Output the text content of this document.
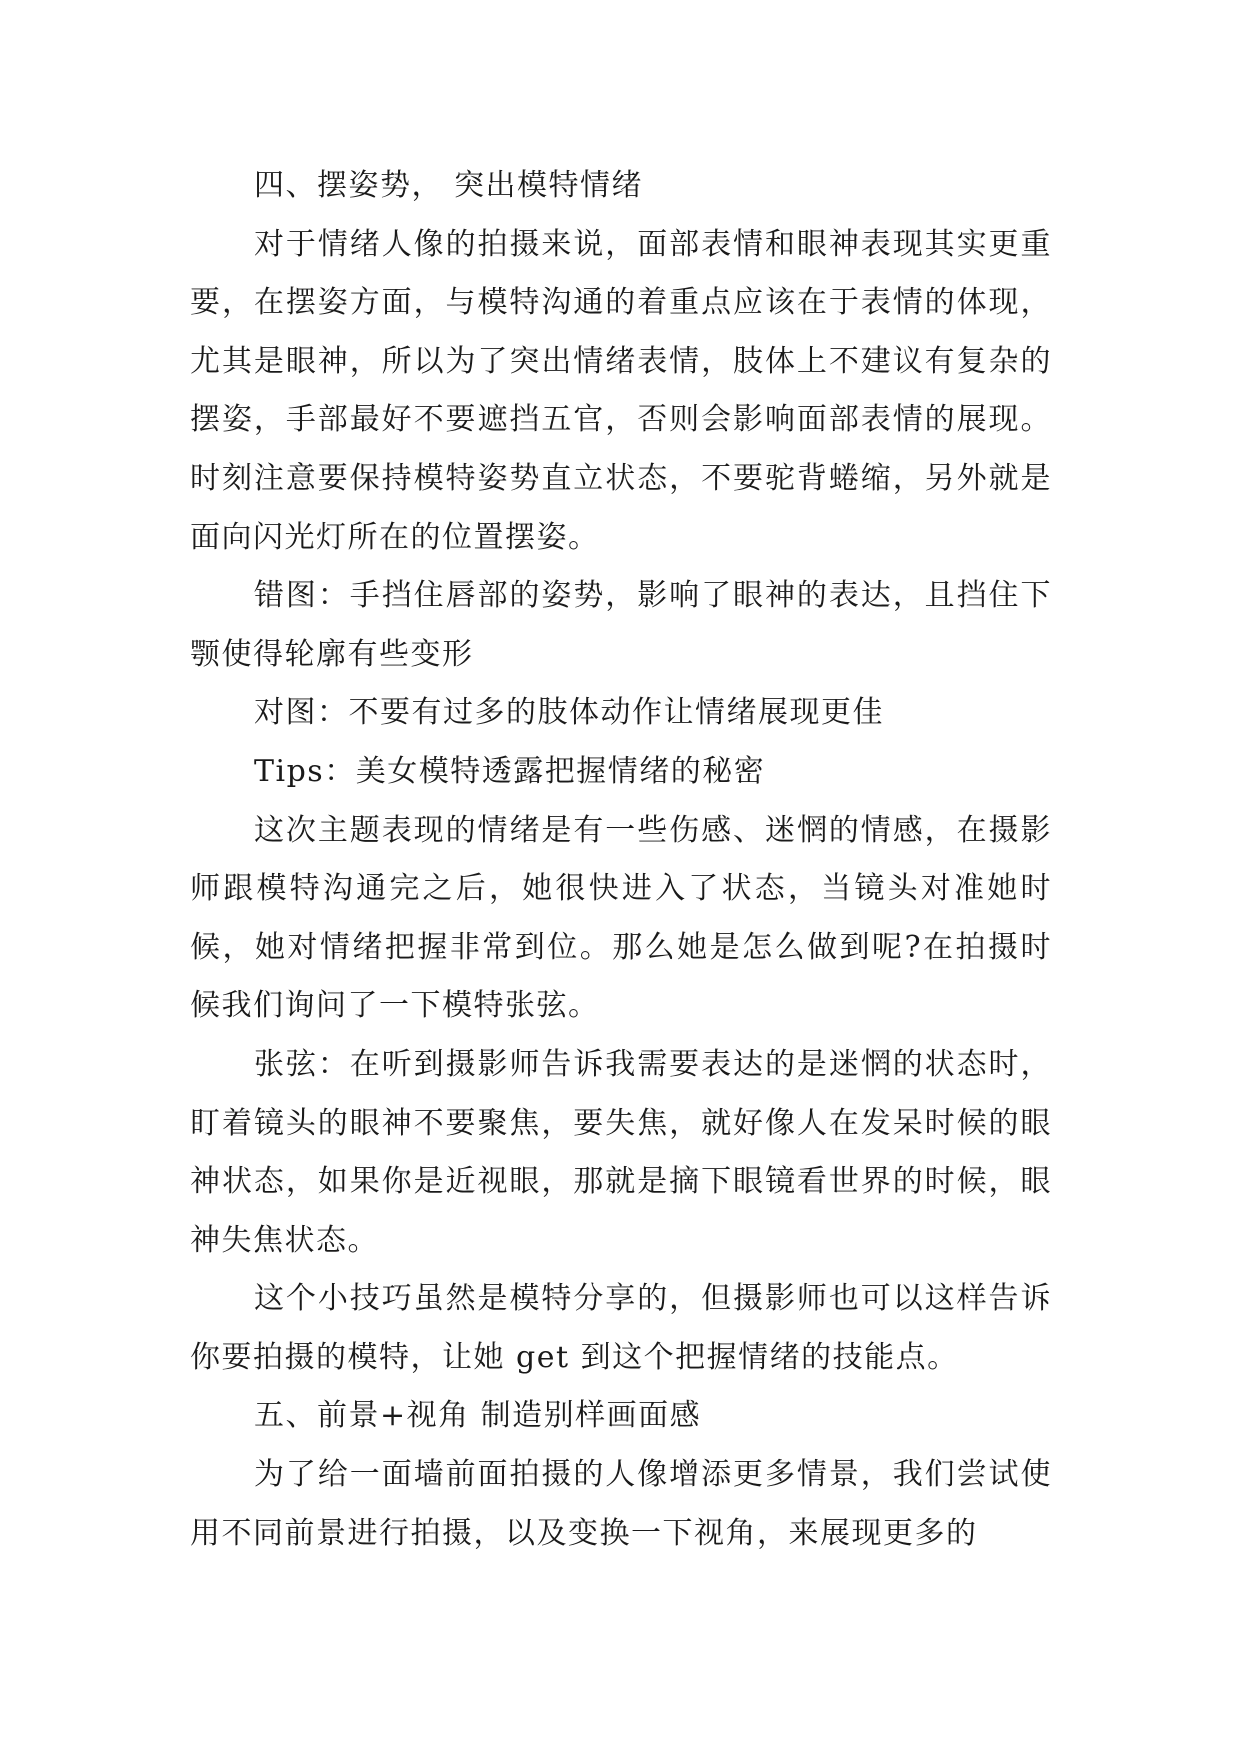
四、摆姿势， 突出模特情绪

对于情绪人像的拍摄来说，面部表情和眼神表现其实更重要，在摆姿方面，与模特沟通的着重点应该在于表情的体现，尤其是眼神，所以为了突出情绪表情，肢体上不建议有复杂的摆姿，手部最好不要遮挡五官，否则会影响面部表情的展现。时刻注意要保持模特姿势直立状态，不要驼背蜷缩，另外就是面向闪光灯所在的位置摆姿。

错图：手挡住唇部的姿势，影响了眼神的表达，且挡住下颚使得轮廓有些变形

对图：不要有过多的肢体动作让情绪展现更佳

Tips：美女模特透露把握情绪的秘密

这次主题表现的情绪是有一些伤感、迷惘的情感，在摄影师跟模特沟通完之后，她很快进入了状态，当镜头对准她时候，她对情绪把握非常到位。那么她是怎么做到呢?在拍摄时候我们询问了一下模特张弦。

张弦：在听到摄影师告诉我需要表达的是迷惘的状态时，盯着镜头的眼神不要聚焦，要失焦，就好像人在发呆时候的眼神状态，如果你是近视眼，那就是摘下眼镜看世界的时候，眼神失焦状态。

这个小技巧虽然是模特分享的，但摄影师也可以这样告诉你要拍摄的模特，让她 get 到这个把握情绪的技能点。

五、前景+视角 制造别样画面感

为了给一面墙前面拍摄的人像增添更多情景，我们尝试使用不同前景进行拍摄，以及变换一下视角，来展现更多的
